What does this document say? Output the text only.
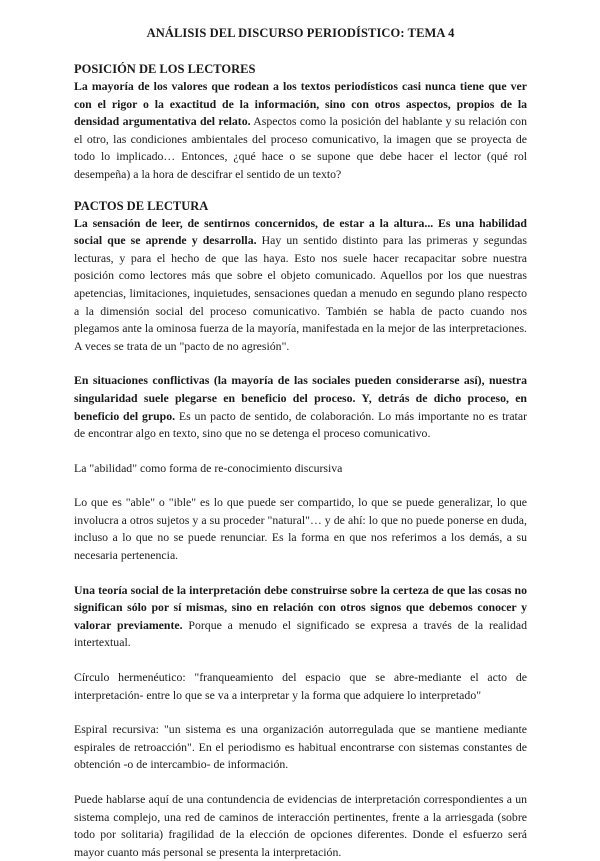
ANÁLISIS DEL DISCURSO PERIODÍSTICO: TEMA 4
POSICIÓN DE LOS LECTORES

La mayoría de los valores que rodean a los textos periodísticos casi nunca tiene que ver con el rigor o la exactitud de la información, sino con otros aspectos, propios de la densidad argumentativa del relato. Aspectos como la posición del hablante y su relación con el otro, las condiciones ambientales del proceso comunicativo, la imagen que se proyecta de todo lo implicado… Entonces, ¿qué hace o se supone que debe hacer el lector (qué rol desempeña) a la hora de descifrar el sentido de un texto?

PACTOS DE LECTURA

La sensación de leer, de sentirnos concernidos, de estar a la altura... Es una habilidad social que se aprende y desarrolla. Hay un sentido distinto para las primeras y segundas lecturas, y para el hecho de que las haya. Esto nos suele hacer recapacitar sobre nuestra posición como lectores más que sobre el objeto comunicado. Aquellos por los que nuestras apetencias, limitaciones, inquietudes, sensaciones quedan a menudo en segundo plano respecto a la dimensión social del proceso comunicativo. También se habla de pacto cuando nos plegamos ante la ominosa fuerza de la mayoría, manifestada en la mejor de las interpretaciones. A veces se trata de un "pacto de no agresión".

En situaciones conflictivas (la mayoría de las sociales pueden considerarse así), nuestra singularidad suele plegarse en beneficio del proceso. Y, detrás de dicho proceso, en beneficio del grupo. Es un pacto de sentido, de colaboración. Lo más importante no es tratar de encontrar algo en texto, sino que no se detenga el proceso comunicativo.

La "abilidad" como forma de re-conocimiento discursiva

Lo que es "able" o "ible" es lo que puede ser compartido, lo que se puede generalizar, lo que involucra a otros sujetos y a su proceder "natural"… y de ahí: lo que no puede ponerse en duda, incluso a lo que no se puede renunciar. Es la forma en que nos referimos a los demás, a su necesaria pertenencia.

Una teoría social de la interpretación debe construirse sobre la certeza de que las cosas no significan sólo por sí mismas, sino en relación con otros signos que debemos conocer y valorar previamente. Porque a menudo el significado se expresa a través de la realidad intertextual.

Círculo hermenéutico: "franqueamiento del espacio que se abre-mediante el acto de interpretación- entre lo que se va a interpretar y la forma que adquiere lo interpretado"

Espiral recursiva: "un sistema es una organización autorregulada que se mantiene mediante espirales de retroacción". En el periodismo es habitual encontrarse con sistemas constantes de obtención -o de intercambio- de información.

Puede hablarse aquí de una contundencia de evidencias de interpretación correspondientes a un sistema complejo, una red de caminos de interacción pertinentes, frente a la arriesgada (sobre todo por solitaria) fragilidad de la elección de opciones diferentes. Donde el esfuerzo será mayor cuanto más personal se presenta la interpretación.
